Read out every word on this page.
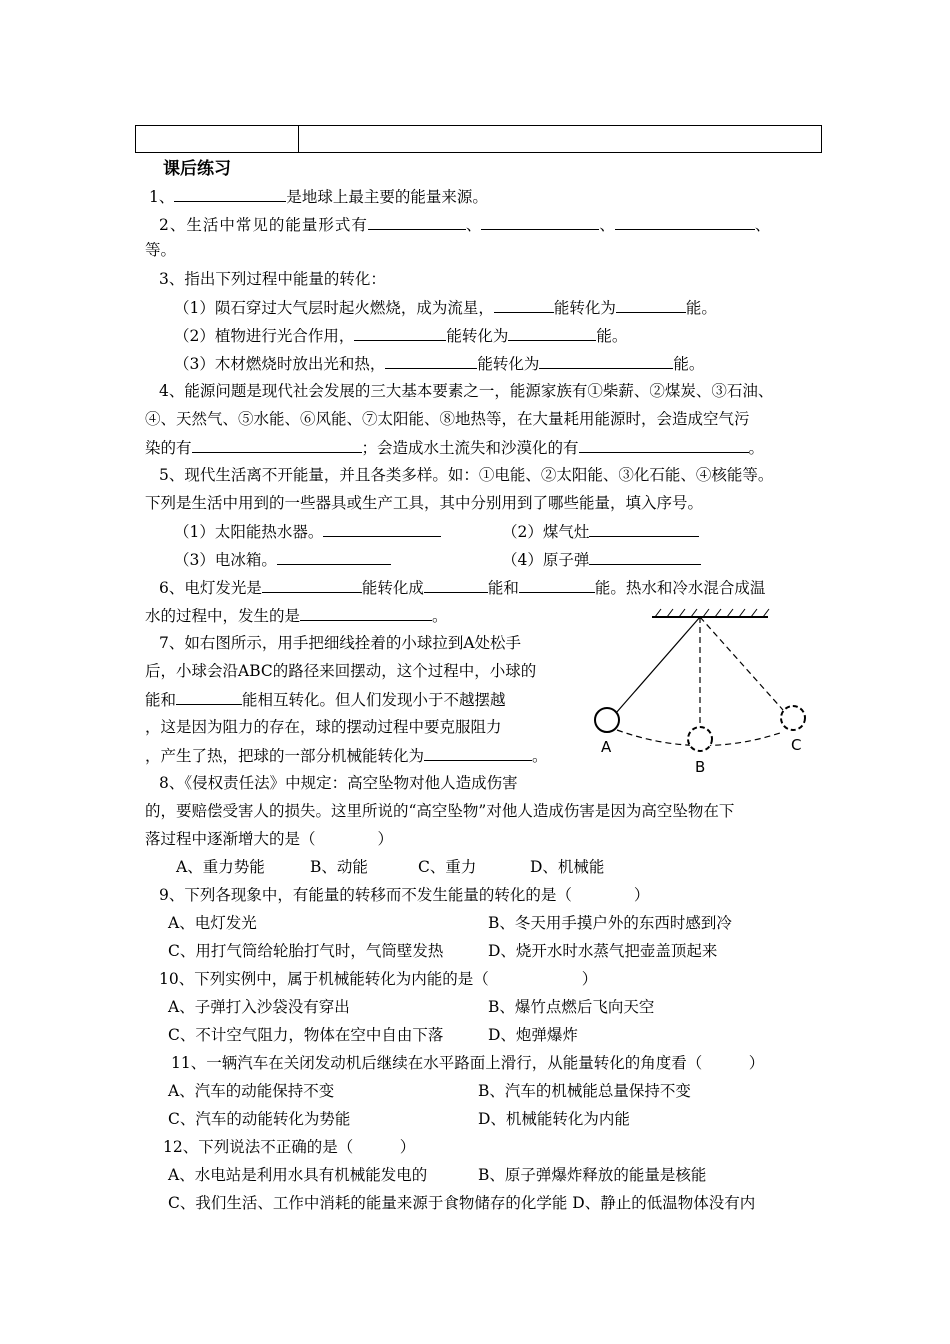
课后练习
1、	是地球上最主要的能量来源。
2、生活中常见的能量形式有	、	、	、
等。
3、指出下列过程中能量的转化：
（1）陨石穿过大气层时起火燃烧，成为流星，	能转化为	能。
（2）植物进行光合作用，	能转化为	能。
（3）木材燃烧时放出光和热，	能转化为	能。
4、能源问题是现代社会发展的三大基本要素之一，能源家族有①柴薪、②煤炭、③石油、
④、天然气、⑤水能、⑥风能、⑦太阳能、⑧地热等，在大量耗用能源时，会造成空气污
染的有	；会造成水土流失和沙漠化的有	。
5、现代生活离不开能量，并且各类多样。如：①电能、②太阳能、③化石能、④核能等。
下列是生活中用到的一些器具或生产工具，其中分别用到了哪些能量，填入序号。
（1）太阳能热水器。	（2）煤气灶
（3）电冰箱。	（4）原子弹
6、电灯发光是	能转化成	能和	能。热水和冷水混合成温
水的过程中，发生的是	。
7、如右图所示，用手把细线拴着的小球拉到A处松手
后，小球会沿ABC的路径来回摆动，这个过程中，小球的
能和	能相互转化。但人们发现小于不越摆越
，这是因为阻力的存在，球的摆动过程中要克服阻力
，产生了热，把球的一部分机械能转化为	。	A
B
C
8、《侵权责任法》中规定：高空坠物对他人造成伤害
的，要赔偿受害人的损失。这里所说的“高空坠物”对他人造成伤害是因为高空坠物在下
落过程中逐渐增大的是（　　　　）
A、重力势能	B、动能	C、重力	D、机械能
9、下列各现象中，有能量的转移而不发生能量的转化的是（　　　　）
A、电灯发光	B、冬天用手摸户外的东西时感到冷
C、用打气筒给轮胎打气时，气筒壁发热	D、烧开水时水蒸气把壶盖顶起来
10、下列实例中，属于机械能转化为内能的是（　　　　　　）
A、子弹打入沙袋没有穿出	B、爆竹点燃后飞向天空
C、不计空气阻力，物体在空中自由下落	D、炮弹爆炸
11、一辆汽车在关闭发动机后继续在水平路面上滑行，从能量转化的角度看（　　　）
A、汽车的动能保持不变	B、汽车的机械能总量保持不变
C、汽车的动能转化为势能	D、机械能转化为内能
12、下列说法不正确的是（　　　）
A、水电站是利用水具有机械能发电的	B、原子弹爆炸释放的能量是核能
C、我们生活、工作中消耗的能量来源于食物储存的化学能 D、静止的低温物体没有内
